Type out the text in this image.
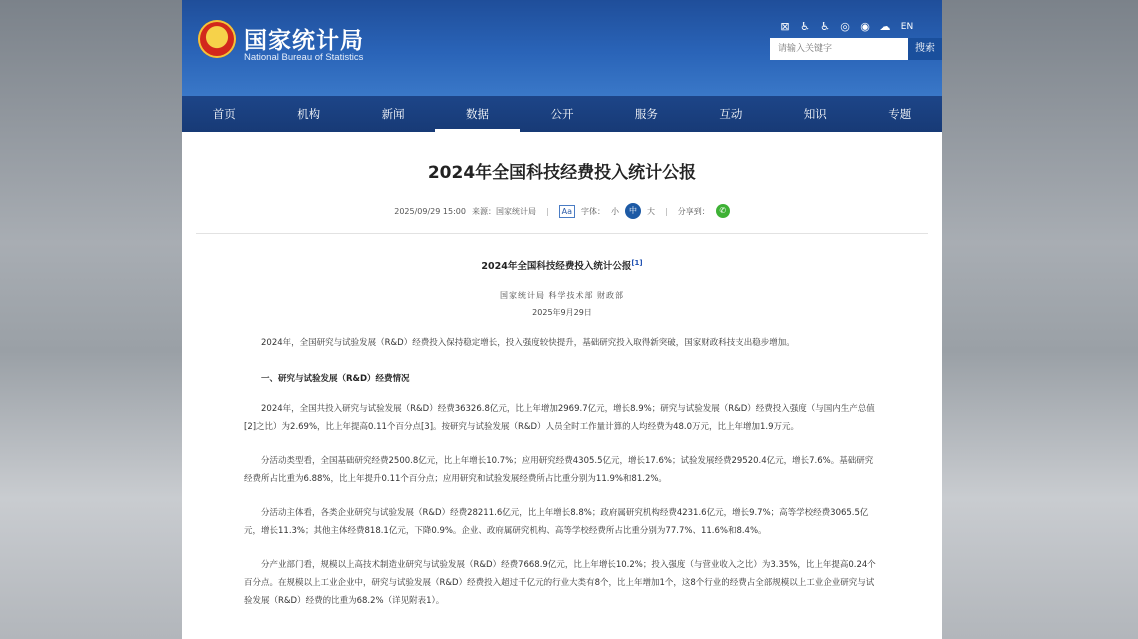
国家统计局
National Bureau of Statistics
⊠ ♿ ♿ ◎ ◉ ☁	EN
请输入关键字
搜索
首页	机构	新闻	数据	公开	服务	互动	知识	专题
2024年全国科技经费投入统计公报
2025/09/29 15:00 来源：国家统计局 |	Aa	字体： 小	中	大 | 分享到：	✆
2024年全国科技经费投入统计公报[1]
国家统计局 科学技术部 财政部
2025年9月29日

2024年，全国研究与试验发展（R&D）经费投入保持稳定增长，投入强度较快提升，基础研究投入取得新突破，国家财政科技支出稳步增加。

一、研究与试验发展（R&D）经费情况

2024年，全国共投入研究与试验发展（R&D）经费36326.8亿元，比上年增加2969.7亿元，增长8.9%；研究与试验发展（R&D）经费投入强度（与国内生产总值[2]之比）为2.69%，比上年提高0.11个百分点[3]。按研究与试验发展（R&D）人员全时工作量计算的人均经费为48.0万元，比上年增加1.9万元。

分活动类型看，全国基础研究经费2500.8亿元，比上年增长10.7%；应用研究经费4305.5亿元，增长17.6%；试验发展经费29520.4亿元，增长7.6%。基础研究经费所占比重为6.88%，比上年提升0.11个百分点；应用研究和试验发展经费所占比重分别为11.9%和81.2%。

分活动主体看，各类企业研究与试验发展（R&D）经费28211.6亿元，比上年增长8.8%；政府属研究机构经费4231.6亿元，增长9.7%；高等学校经费3065.5亿元，增长11.3%；其他主体经费818.1亿元，下降0.9%。企业、政府属研究机构、高等学校经费所占比重分别为77.7%、11.6%和8.4%。

分产业部门看，规模以上高技术制造业研究与试验发展（R&D）经费7668.9亿元，比上年增长10.2%；投入强度（与营业收入之比）为3.35%，比上年提高0.24个百分点。在规模以上工业企业中，研究与试验发展（R&D）经费投入超过千亿元的行业大类有8个，比上年增加1个，这8个行业的经费占全部规模以上工业企业研究与试验发展（R&D）经费的比重为68.2%（详见附表1）。
